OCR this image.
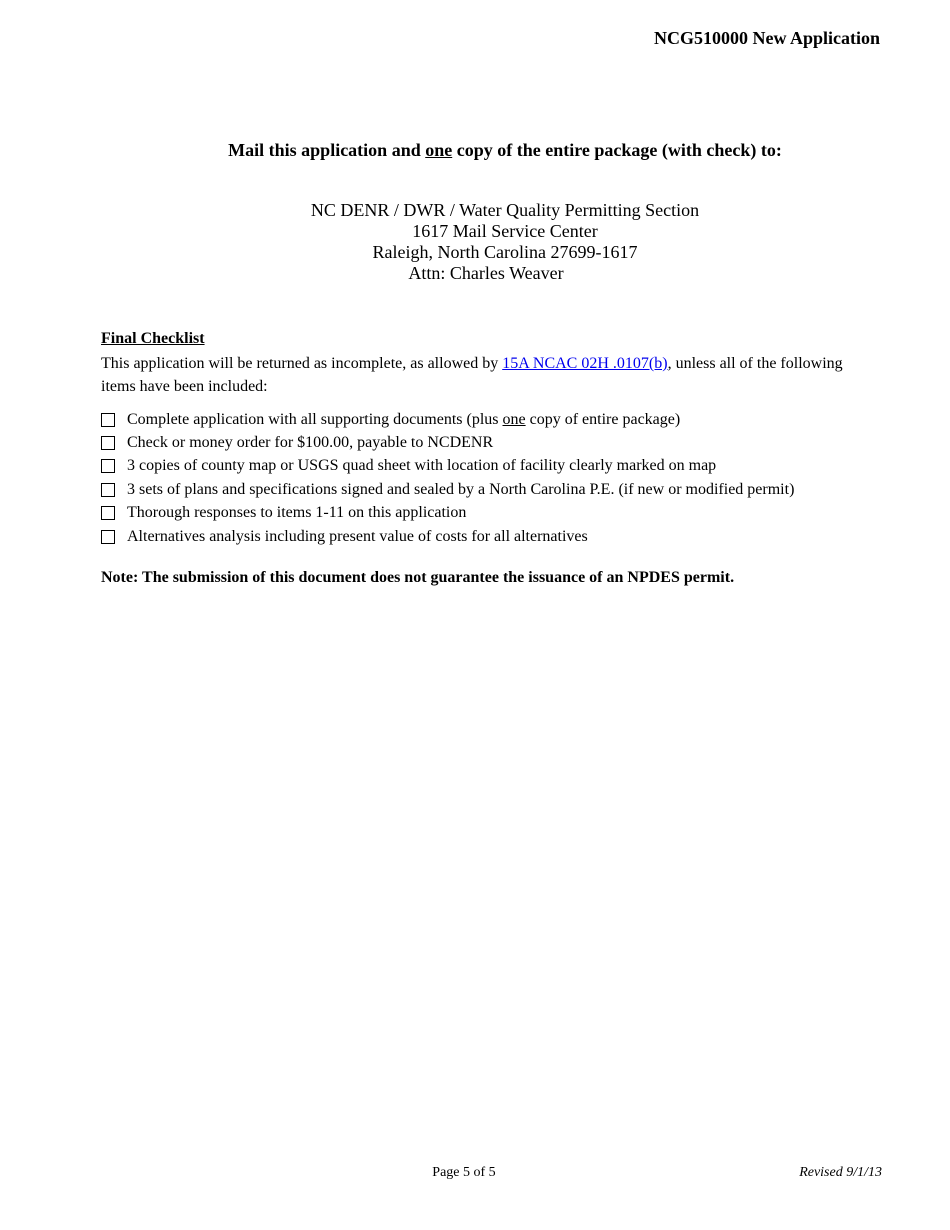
NCG510000 New Application
Mail this application and one copy of the entire package (with check) to:
NC DENR / DWR / Water Quality Permitting Section
1617 Mail Service Center
Raleigh, North Carolina 27699-1617
Attn: Charles Weaver
Final Checklist
This application will be returned as incomplete, as allowed by 15A NCAC 02H .0107(b), unless all of the following items have been included:
Complete application with all supporting documents (plus one copy of entire package)
Check or money order for $100.00, payable to NCDENR
3 copies of county map or USGS quad sheet with location of facility clearly marked on map
3 sets of plans and specifications signed and sealed by a North Carolina P.E. (if new or modified permit)
Thorough responses to items 1-11 on this application
Alternatives analysis including present value of costs for all alternatives
Note: The submission of this document does not guarantee the issuance of an NPDES permit.
Page 5 of 5	Revised 9/1/13
